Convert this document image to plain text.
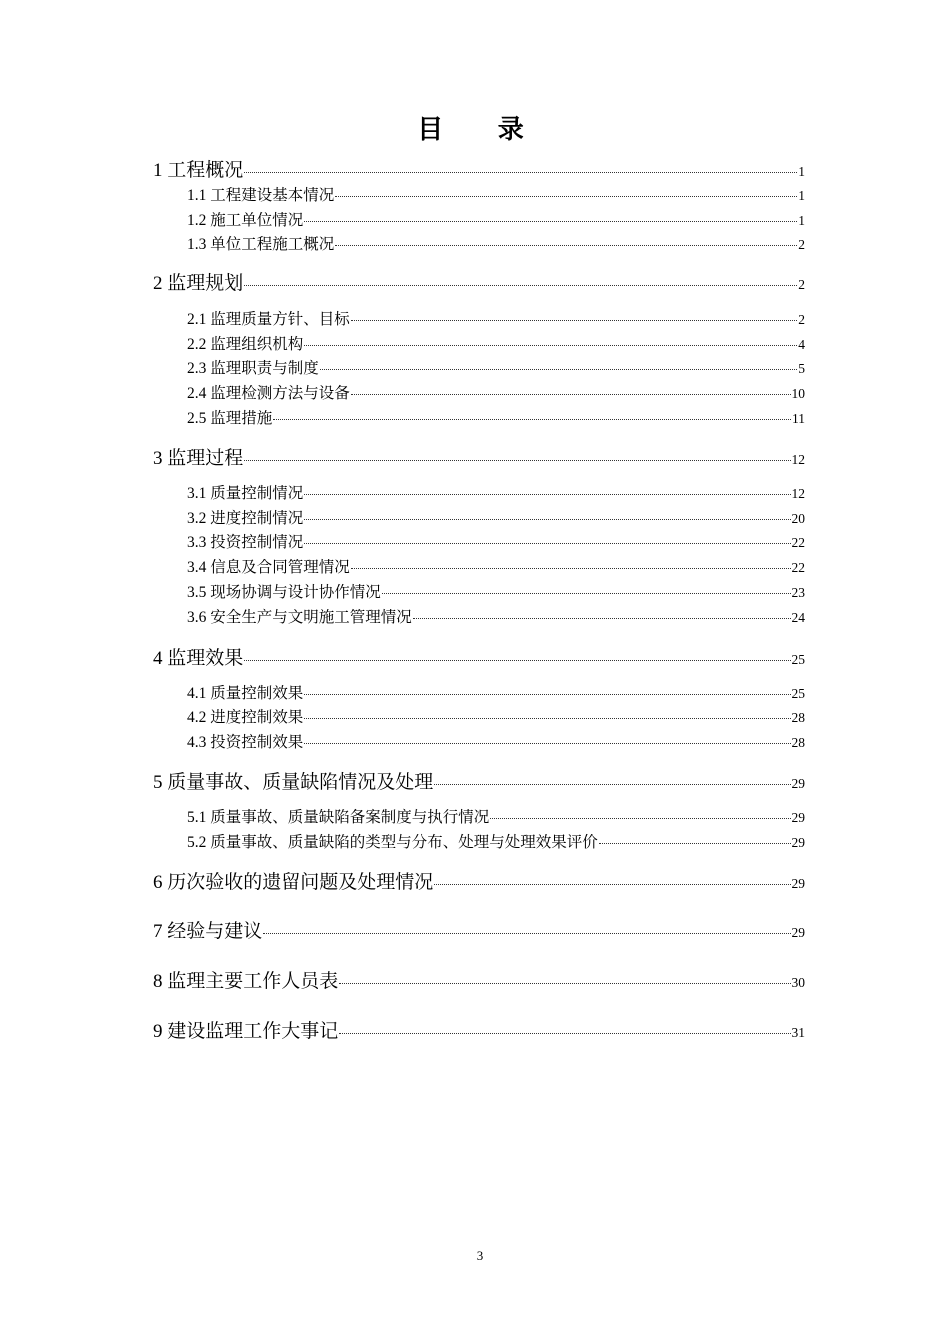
目 录
1 工程概况	1
1.1 工程建设基本情况	1
1.2 施工单位情况	1
1.3 单位工程施工概况	2
2 监理规划	2
2.1 监理质量方针、目标	2
2.2 监理组织机构	4
2.3 监理职责与制度	5
2.4 监理检测方法与设备	10
2.5 监理措施	11
3 监理过程	12
3.1 质量控制情况	12
3.2 进度控制情况	20
3.3 投资控制情况	22
3.4 信息及合同管理情况	22
3.5 现场协调与设计协作情况	23
3.6 安全生产与文明施工管理情况	24
4 监理效果	25
4.1 质量控制效果	25
4.2 进度控制效果	28
4.3 投资控制效果	28
5 质量事故、质量缺陷情况及处理	29
5.1 质量事故、质量缺陷备案制度与执行情况	29
5.2 质量事故、质量缺陷的类型与分布、处理与处理效果评价	29
6 历次验收的遗留问题及处理情况	29
7 经验与建议	29
8 监理主要工作人员表	30
9 建设监理工作大事记	31
3
